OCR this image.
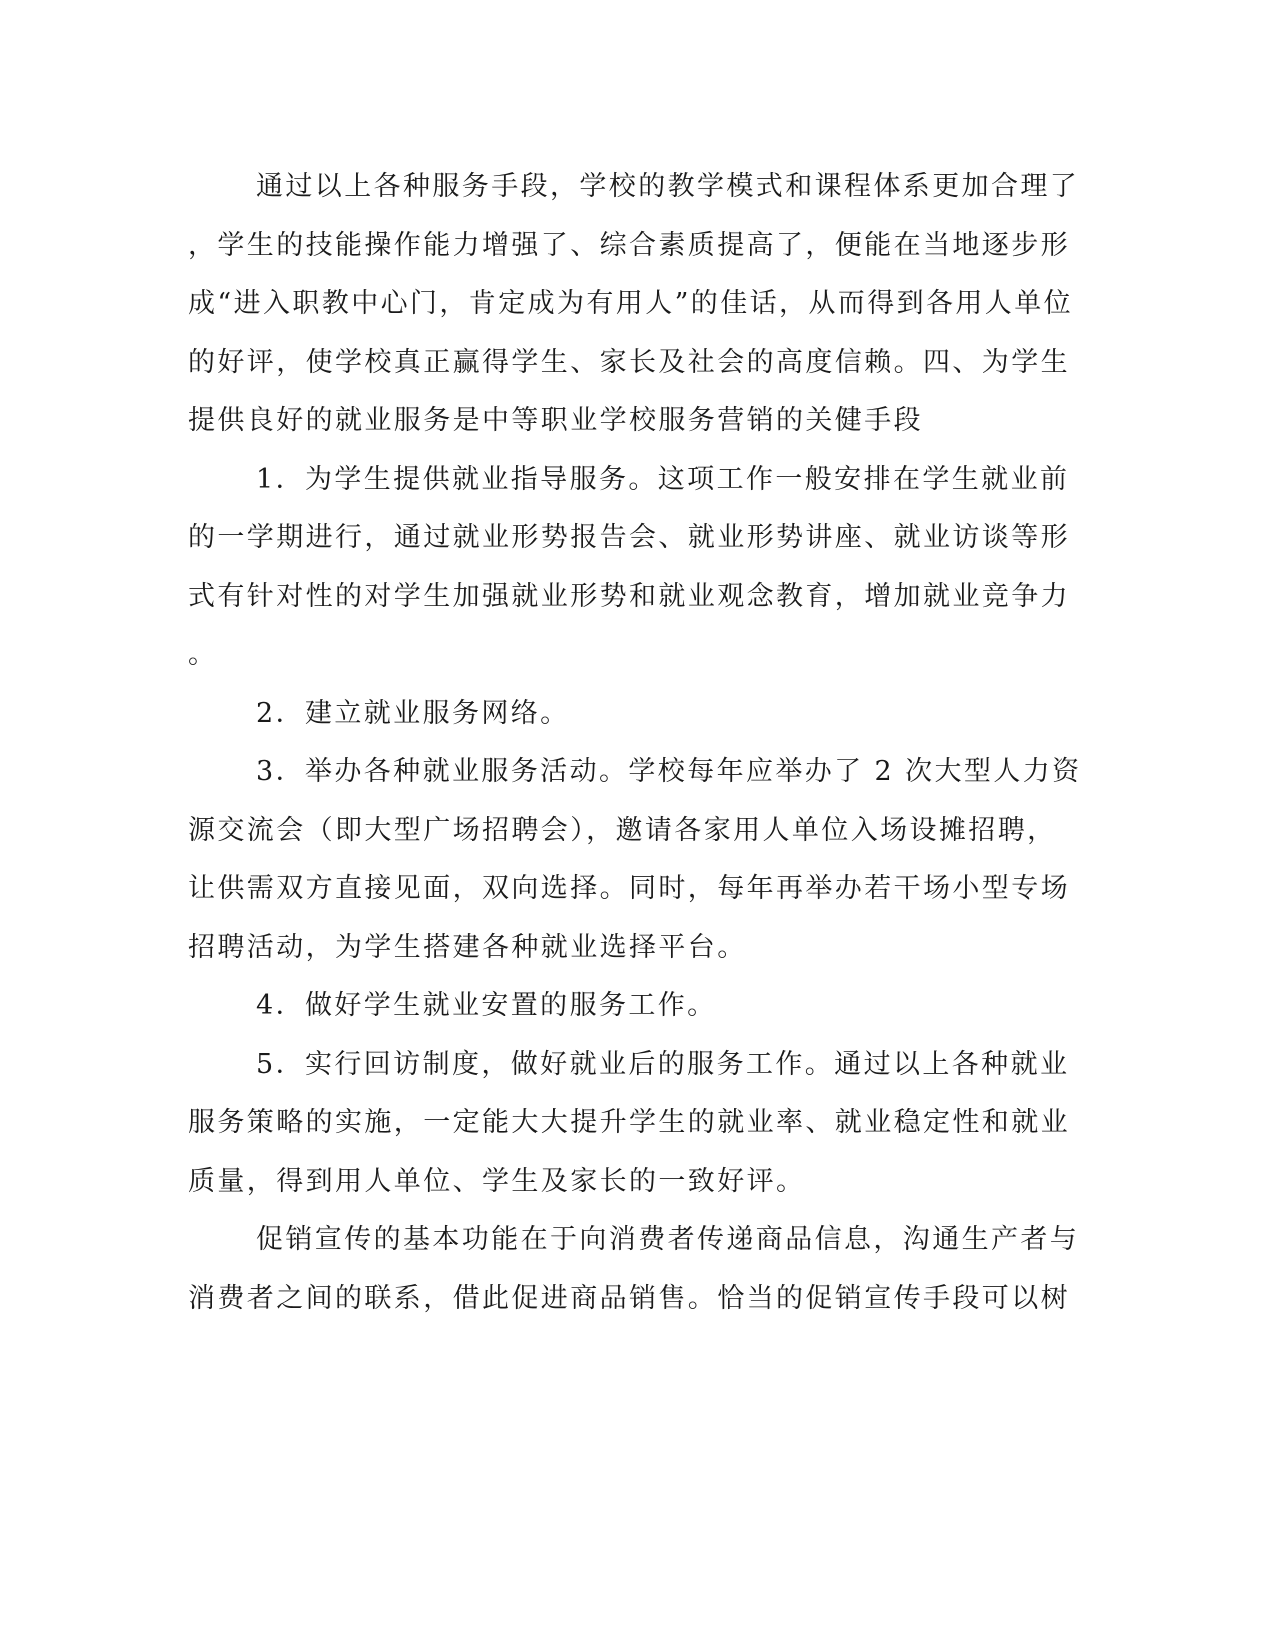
通过以上各种服务手段，学校的教学模式和课程体系更加合理了
，学生的技能操作能力增强了、综合素质提高了，便能在当地逐步形
成“进入职教中心门，肯定成为有用人”的佳话，从而得到各用人单位
的好评，使学校真正赢得学生、家长及社会的高度信赖。四、为学生
提供良好的就业服务是中等职业学校服务营销的关健手段
1．为学生提供就业指导服务。这项工作一般安排在学生就业前
的一学期进行，通过就业形势报告会、就业形势讲座、就业访谈等形
式有针对性的对学生加强就业形势和就业观念教育，增加就业竞争力
。
2．建立就业服务网络。
3．举办各种就业服务活动。学校每年应举办了 2 次大型人力资
源交流会（即大型广场招聘会），邀请各家用人单位入场设摊招聘，
让供需双方直接见面，双向选择。同时，每年再举办若干场小型专场
招聘活动，为学生搭建各种就业选择平台。
4．做好学生就业安置的服务工作。
5．实行回访制度，做好就业后的服务工作。通过以上各种就业
服务策略的实施，一定能大大提升学生的就业率、就业稳定性和就业
质量，得到用人单位、学生及家长的一致好评。
促销宣传的基本功能在于向消费者传递商品信息，沟通生产者与
消费者之间的联系，借此促进商品销售。恰当的促销宣传手段可以树
